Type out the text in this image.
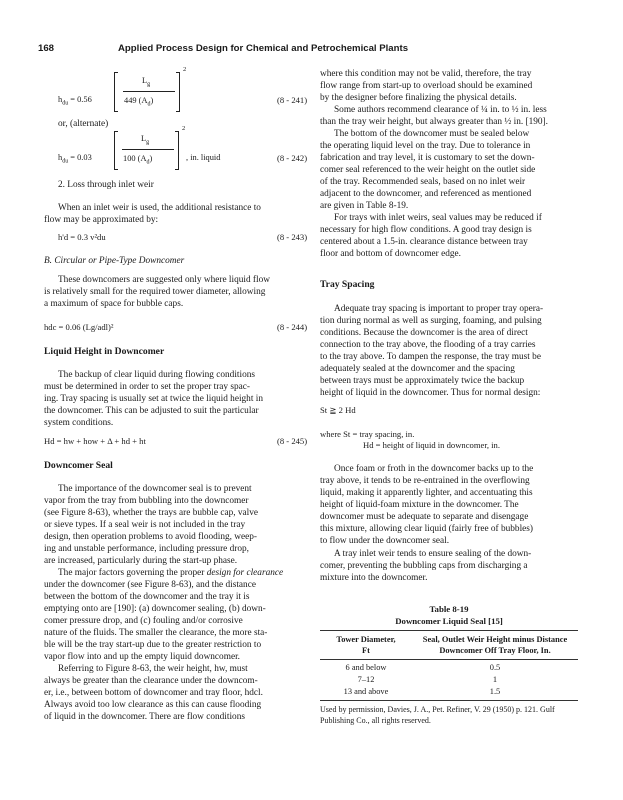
168	Applied Process Design for Chemical and Petrochemical Plants
$h_{du} = 0.56$
$L_g$
449 $(A_d)$
2
(8 - 241)
or, (alternate)
$h_{du} = 0.03$
$L_g$
100 $(A_d)$
2
, in. liquid	(8 - 242)
2. Loss through inlet weir
When an inlet weir is used, the additional resistance to
flow may be approximated by:
h'd = 0.3 v²du	(8 - 243)
B. Circular or Pipe-Type Downcomer
These downcomers are suggested only where liquid flow
is relatively small for the required tower diameter, allowing
a maximum of space for bubble caps.
hdc = 0.06 (Lg/adl)²	(8 - 244)
Liquid Height in Downcomer
The backup of clear liquid during flowing conditions
must be determined in order to set the proper tray spac-
ing. Tray spacing is usually set at twice the liquid height in
the downcomer. This can be adjusted to suit the particular
system conditions.
Hd = hw + how + Δ + hd + ht	(8 - 245)
Downcomer Seal
The importance of the downcomer seal is to prevent
vapor from the tray from bubbling into the downcomer
(see Figure 8-63), whether the trays are bubble cap, valve
or sieve types. If a seal weir is not included in the tray
design, then operation problems to avoid flooding, weep-
ing and unstable performance, including pressure drop,
are increased, particularly during the start-up phase.
The major factors governing the proper design for clearance
under the downcomer (see Figure 8-63), and the distance
between the bottom of the downcomer and the tray it is
emptying onto are [190]: (a) downcomer sealing, (b) down-
comer pressure drop, and (c) fouling and/or corrosive
nature of the fluids. The smaller the clearance, the more sta-
ble will be the tray start-up due to the greater restriction to
vapor flow into and up the empty liquid downcomer.
Referring to Figure 8-63, the weir height, hw, must
always be greater than the clearance under the downcom-
er, i.e., between bottom of downcomer and tray floor, hdcl.
Always avoid too low clearance as this can cause flooding
of liquid in the downcomer. There are flow conditions
where this condition may not be valid, therefore, the tray
flow range from start-up to overload should be examined
by the designer before finalizing the physical details.
Some authors recommend clearance of ¼ in. to ½ in. less
than the tray weir height, but always greater than ½ in. [190].
The bottom of the downcomer must be sealed below
the operating liquid level on the tray. Due to tolerance in
fabrication and tray level, it is customary to set the down-
comer seal referenced to the weir height on the outlet side
of the tray. Recommended seals, based on no inlet weir
adjacent to the downcomer, and referenced as mentioned
are given in Table 8-19.
For trays with inlet weirs, seal values may be reduced if
necessary for high flow conditions. A good tray design is
centered about a 1.5-in. clearance distance between tray
floor and bottom of downcomer edge.
Tray Spacing
Adequate tray spacing is important to proper tray opera-
tion during normal as well as surging, foaming, and pulsing
conditions. Because the downcomer is the area of direct
connection to the tray above, the flooding of a tray carries
to the tray above. To dampen the response, the tray must be
adequately sealed at the downcomer and the spacing
between trays must be approximately twice the backup
height of liquid in the downcomer. Thus for normal design:
St ≧ 2 Hd
where St = tray spacing, in.
Hd = height of liquid in downcomer, in.
Once foam or froth in the downcomer backs up to the
tray above, it tends to be re-entrained in the overflowing
liquid, making it apparently lighter, and accentuating this
height of liquid-foam mixture in the downcomer. The
downcomer must be adequate to separate and disengage
this mixture, allowing clear liquid (fairly free of bubbles)
to flow under the downcomer seal.
A tray inlet weir tends to ensure sealing of the down-
comer, preventing the bubbling caps from discharging a
mixture into the downcomer.
Table 8-19
Downcomer Liquid Seal [15]
Tower Diameter,
Ft
Seal, Outlet Weir Height minus Distance
Downcomer Off Tray Floor, In.
6 and below	0.5
7–12	1
13 and above	1.5
Used by permission, Davies, J. A., Pet. Refiner, V. 29 (1950) p. 121. Gulf
Publishing Co., all rights reserved.
